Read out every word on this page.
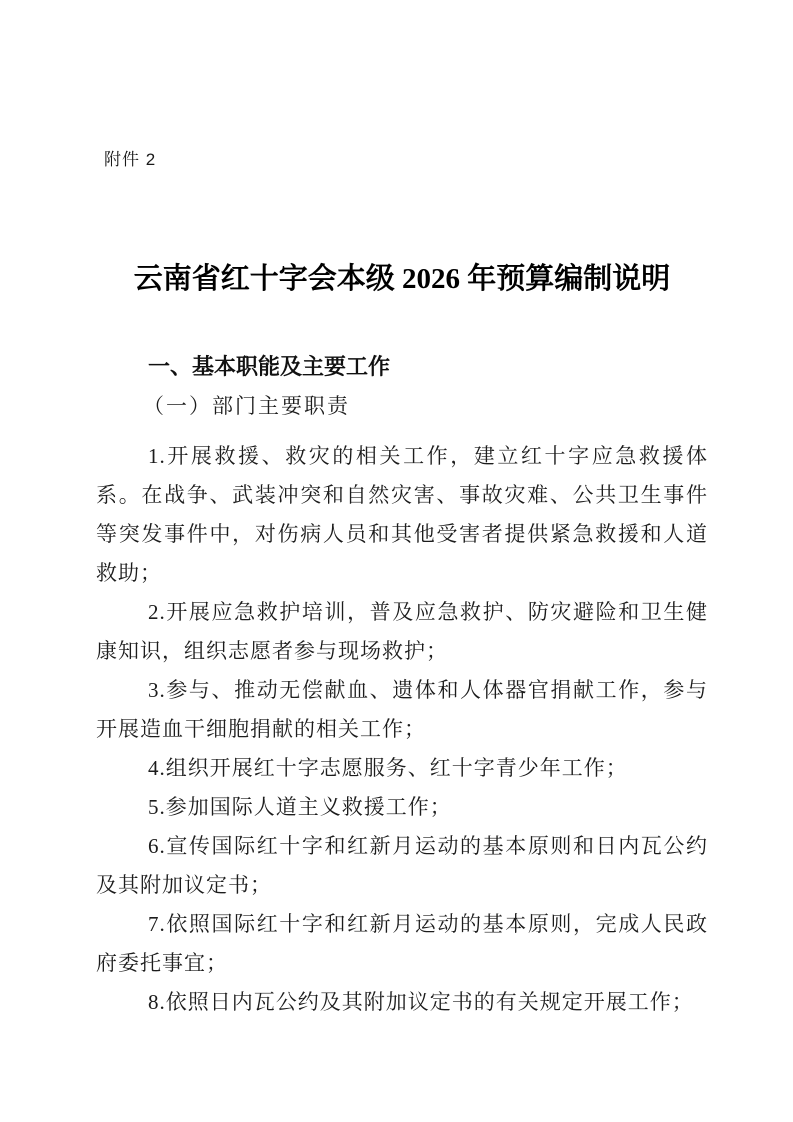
附件 2
云南省红十字会本级 2026 年预算编制说明
一、基本职能及主要工作
（一）部门主要职责

1.开展救援、救灾的相关工作，建立红十字应急救援体系。在战争、武装冲突和自然灾害、事故灾难、公共卫生事件等突发事件中，对伤病人员和其他受害者提供紧急救援和人道救助；

2.开展应急救护培训，普及应急救护、防灾避险和卫生健康知识，组织志愿者参与现场救护；

3.参与、推动无偿献血、遗体和人体器官捐献工作，参与开展造血干细胞捐献的相关工作；

4.组织开展红十字志愿服务、红十字青少年工作；

5.参加国际人道主义救援工作；

6.宣传国际红十字和红新月运动的基本原则和日内瓦公约及其附加议定书；

7.依照国际红十字和红新月运动的基本原则，完成人民政府委托事宜；

8.依照日内瓦公约及其附加议定书的有关规定开展工作；
